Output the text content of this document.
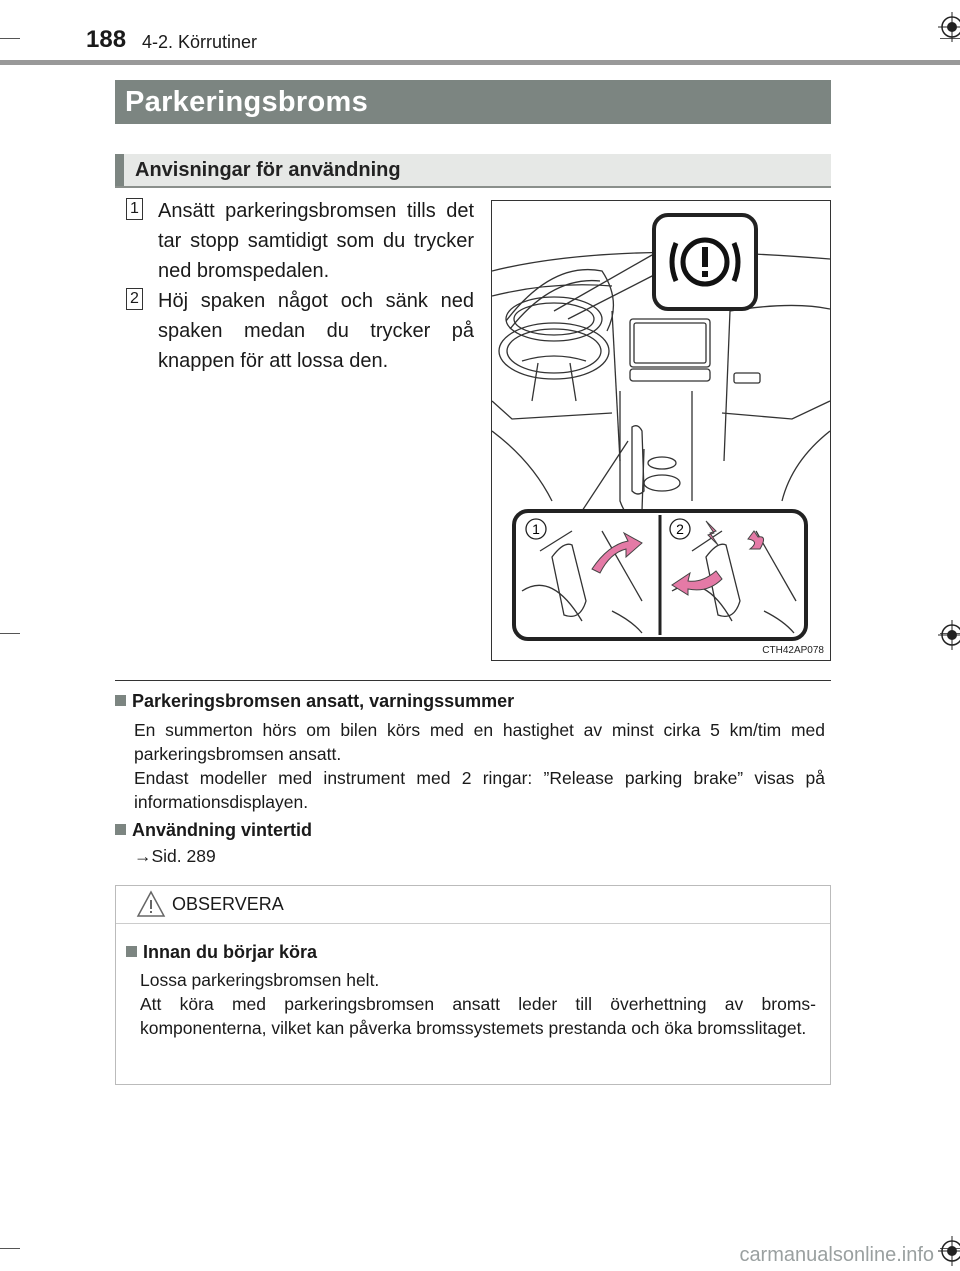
188 4-2. Körrutiner
Parkeringsbroms
Anvisningar för användning
1 Ansätt parkeringsbromsen tills det tar stopp samtidigt som du trycker ned bromspedalen.
2 Höj spaken något och sänk ned spaken medan du trycker på knappen för att lossa den.
1	2
CTH42AP078
Parkeringsbromsen ansatt, varningssummer

En summerton hörs om bilen körs med en hastighet av minst cirka 5 km/tim med parkeringsbromsen ansatt.

Endast modeller med instrument med 2 ringar: ”Release parking brake” visas på informationsdisplayen.

Användning vintertid
→Sid. 289
OBSERVERA
Innan du börjar köra

Lossa parkeringsbromsen helt.

Att köra med parkeringsbromsen ansatt leder till överhettning av bromskomponenterna, vilket kan påverka bromssystemets prestanda och öka bromsslitaget.

carmanualsonline.info
